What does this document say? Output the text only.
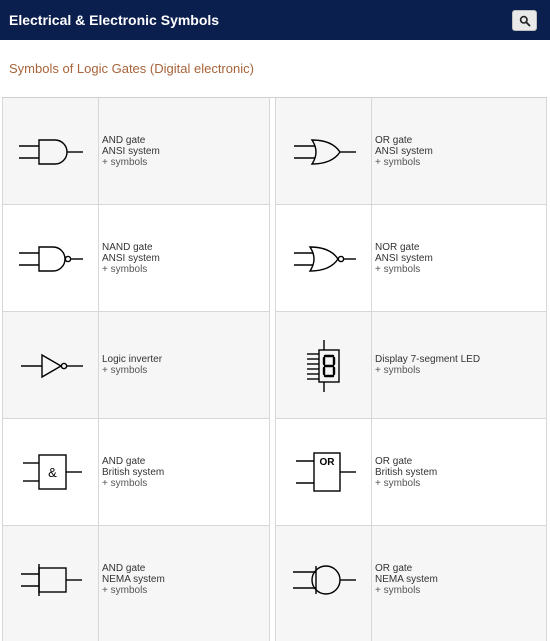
Electrical & Electronic Symbols
Symbols of Logic Gates (Digital electronic)
AND gate
ANSI system
+ symbols
OR gate
ANSI system
+ symbols
NAND gate
ANSI system
+ symbols
NOR gate
ANSI system
+ symbols
Logic inverter
+ symbols
Display 7-segment LED
+ symbols
&
AND gate
British system
+ symbols
OR	OR gate
British system
+ symbols
AND gate
NEMA system
+ symbols
OR gate
NEMA system
+ symbols
